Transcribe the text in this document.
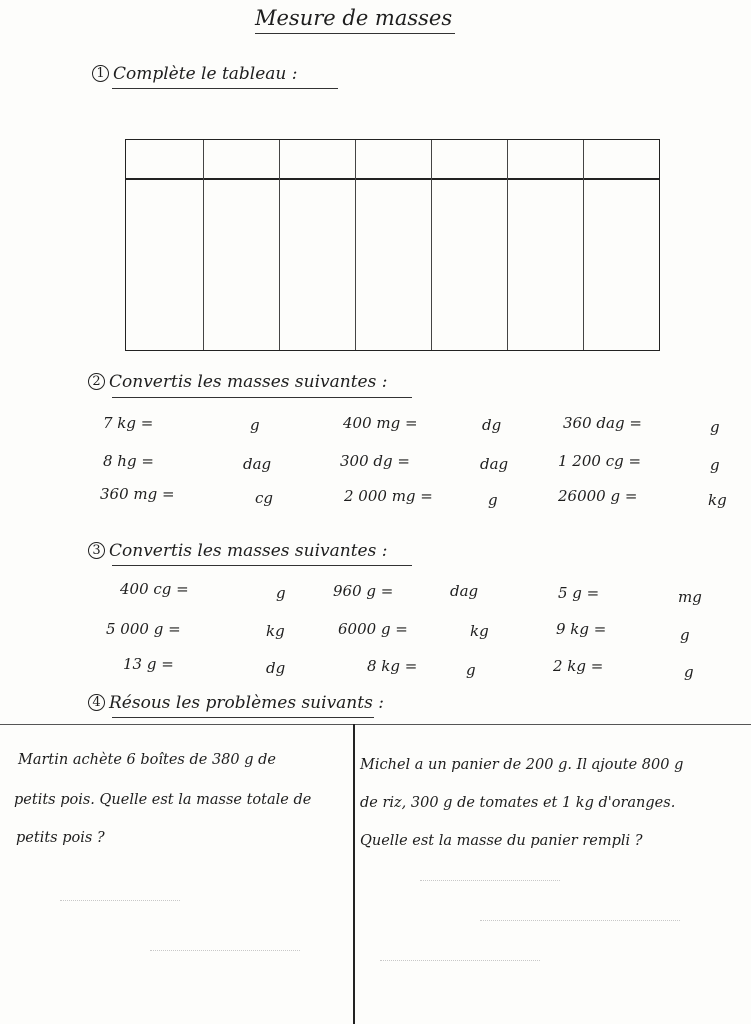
Mesure de masses
1 Complète le tableau :
2 Convertis les masses suivantes :
7 kg =	g	400 mg =	dg	360 dag =	g
8 hg =	dag	300 dg =	dag	1 200 cg =	g
360 mg =	cg	2 000 mg =	g	26000 g =	kg
3 Convertis les masses suivantes :
400 cg =	g	960 g =	dag	5 g =	mg
5 000 g =	kg	6000 g =	kg	9 kg =	g
13 g =	dg	8 kg =	g	2 kg =	g
4 Résous les problèmes suivants :
Martin achète 6 boîtes de 380 g de
petits pois. Quelle est la masse totale de
petits pois ?
Michel a un panier de 200 g. Il ajoute 800 g
de riz, 300 g de tomates et 1 kg d'oranges.
Quelle est la masse du panier rempli ?
